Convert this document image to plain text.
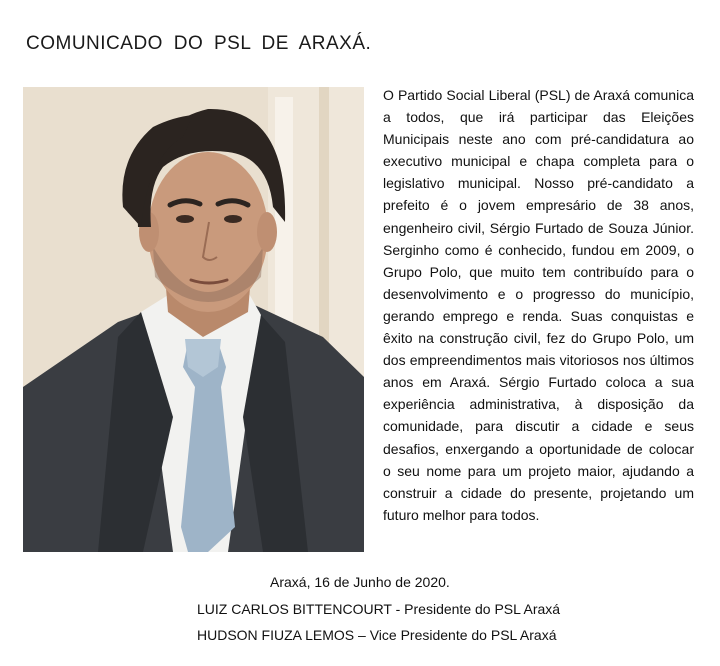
COMUNICADO DO PSL DE ARAXÁ.
O Partido Social Liberal (PSL) de Araxá comunica a todos, que irá participar das Eleições Municipais neste ano com pré-candidatura ao executivo municipal e chapa completa para o legislativo municipal. Nosso pré-candidato a prefeito é o jovem empresário de 38 anos, engenheiro civil, Sérgio Furtado de Souza Júnior. Serginho como é conhecido, fundou em 2009, o Grupo Polo, que muito tem contribuído para o desenvolvimento e o progresso do município, gerando emprego e renda. Suas conquistas e êxito na construção civil, fez do Grupo Polo, um dos empreendimentos mais vitoriosos nos últimos anos em Araxá. Sérgio Furtado coloca a sua experiência administrativa, à disposição da comunidade, para discutir a cidade e seus desafios, enxergando a oportunidade de colocar o seu nome para um projeto maior, ajudando a construir a cidade do presente, projetando um futuro melhor para todos.
Araxá, 16 de Junho de 2020.
LUIZ CARLOS BITTENCOURT - Presidente do PSL Araxá
HUDSON FIUZA LEMOS – Vice Presidente do PSL Araxá
